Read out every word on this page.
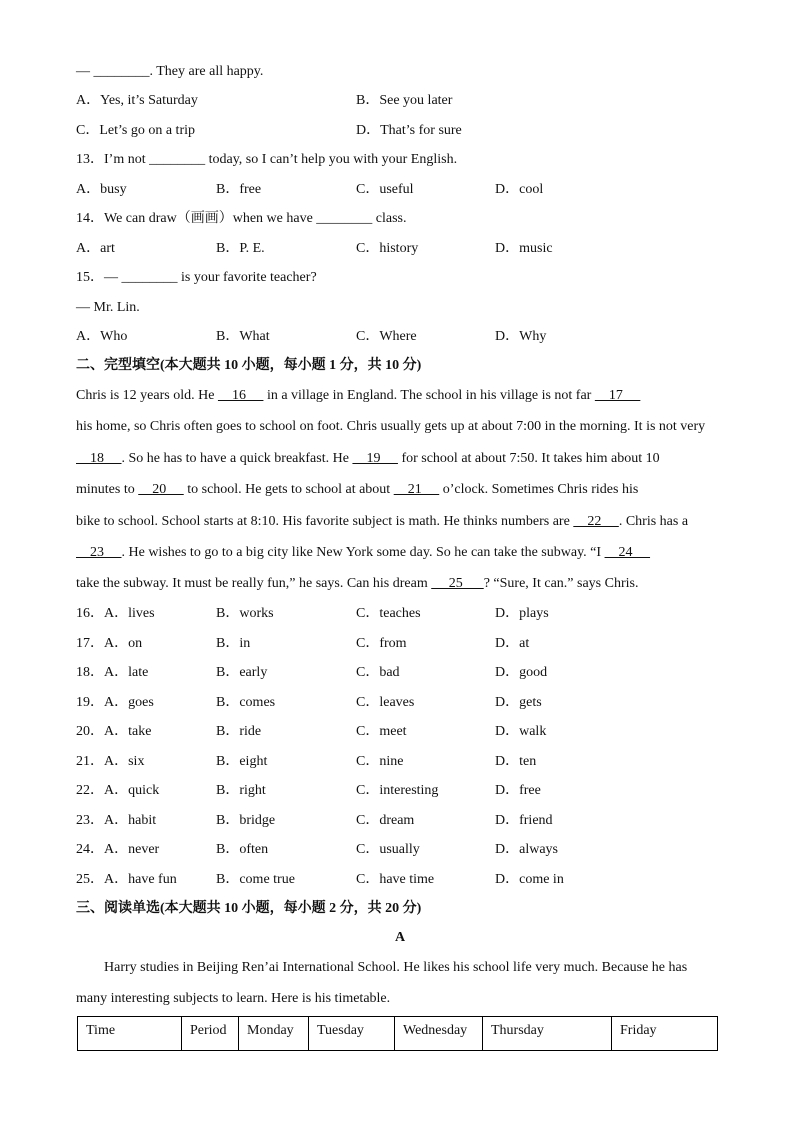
— ________. They are all happy.
A．Yes, it’s Saturday	B．See you later
C．Let’s go on a trip	D．That’s for sure
13．I’m not ________ today, so I can’t help you with your English.
A．busy	B．free	C．useful	D．cool
14．We can draw（画画）when we have ________ class.
A．art	B．P. E.	C．history	D．music
15．— ________ is your favorite teacher?
— Mr. Lin.
A．Who	B．What	C．Where	D．Why
二、完型填空(本大题共 10 小题，每小题 1 分，共 10 分)
Chris is 12 years old. He     16      in a village in England. The school in his village is not far     17
his home, so Chris often goes to school on foot. Chris usually gets up at about 7:00 in the morning. It is not very
18     . So he has to have a quick breakfast. He     19      for school at about 7:50. It takes him about 10
minutes to     20      to school. He gets to school at about     21      o’clock. Sometimes Chris rides his
bike to school. School starts at 8:10. His favorite subject is math. He thinks numbers are     22     . Chris has a
23     . He wishes to go to a big city like New York some day. So he can take the subway. “I     24
take the subway. It must be really fun,” he says. Can his dream      25      ? “Sure, It can.” says Chris.
16．A．lives	B．works	C．teaches	D．plays
17．A．on	B．in	C．from	D．at
18．A．late	B．early	C．bad	D．good
19．A．goes	B．comes	C．leaves	D．gets
20．A．take	B．ride	C．meet	D．walk
21．A．six	B．eight	C．nine	D．ten
22．A．quick	B．right	C．interesting	D．free
23．A．habit	B．bridge	C．dream	D．friend
24．A．never	B．often	C．usually	D．always
25．A．have fun	B．come true	C．have time	D．come in
三、阅读单选(本大题共 10 小题，每小题 2 分，共 20 分)
A
Harry studies in Beijing Ren’ai International School. He likes his school life very much. Because he has
many interesting subjects to learn. Here is his timetable.
Time	Period	Monday	Tuesday	Wednesday	Thursday	Friday
